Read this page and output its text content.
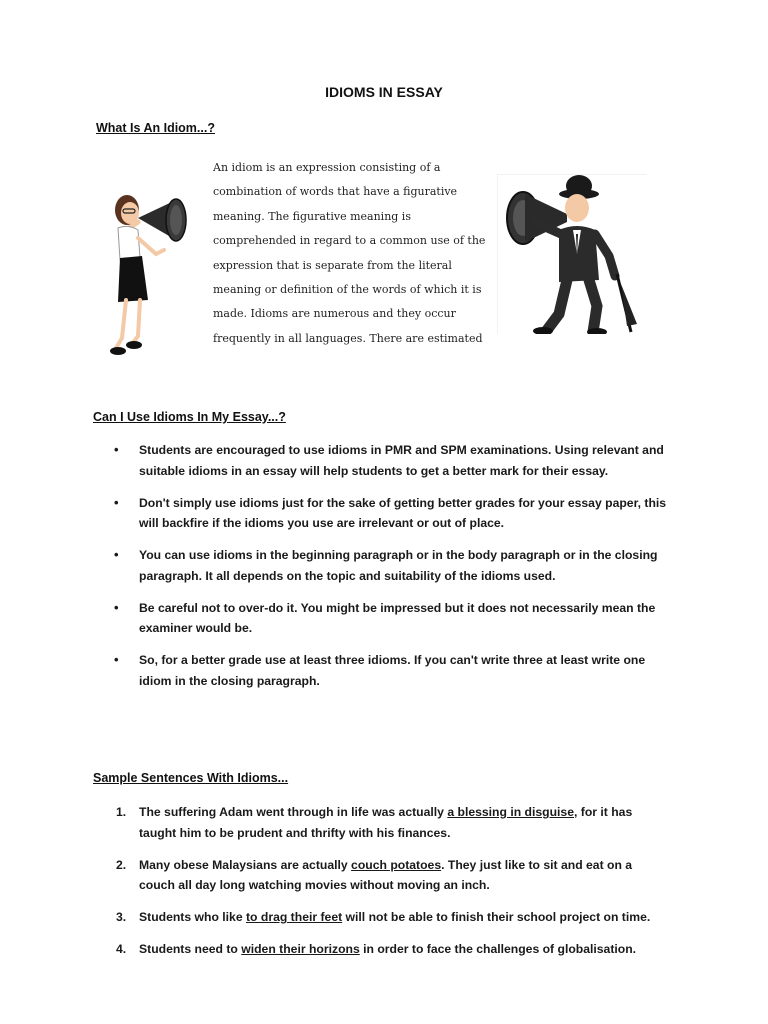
IDIOMS IN ESSAY
What Is An Idiom...?
An idiom is an expression consisting of a combination of words that have a figurative meaning. The figurative meaning is comprehended in regard to a common use of the expression that is separate from the literal meaning or definition of the words of which it is made. Idioms are numerous and they occur frequently in all languages. There are estimated
Can I Use Idioms In My Essay...?
• Students are encouraged to use idioms in PMR and SPM examinations. Using relevant and suitable idioms in an essay will help students to get a better mark for their essay.
• Don't simply use idioms just for the sake of getting better grades for your essay paper, this will backfire if the idioms you use are irrelevant or out of place.
• You can use idioms in the beginning paragraph or in the body paragraph or in the closing paragraph. It all depends on the topic and suitability of the idioms used.
• Be careful not to over-do it. You might be impressed but it does not necessarily mean the examiner would be.
• So, for a better grade use at least three idioms. If you can't write three at least write one idiom in the closing paragraph.
Sample Sentences With Idioms...
1. The suffering Adam went through in life was actually a blessing in disguise, for it has taught him to be prudent and thrifty with his finances.
2. Many obese Malaysians are actually couch potatoes. They just like to sit and eat on a couch all day long watching movies without moving an inch.
3. Students who like to drag their feet will not be able to finish their school project on time.
4. Students need to widen their horizons in order to face the challenges of globalisation.
